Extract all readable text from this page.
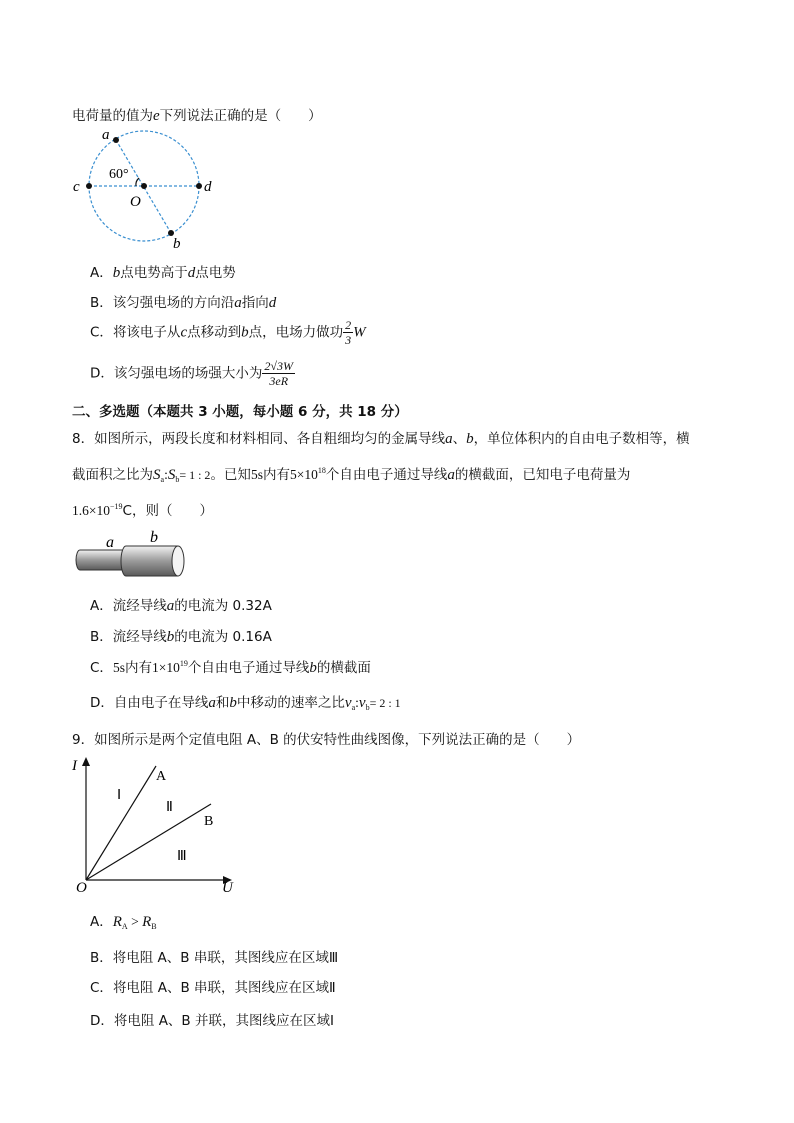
电荷量的值为e下列说法正确的是（　　）
a
b
c	d
O
60°
A．b点电势高于d点电势
B．该匀强电场的方向沿a指向d
C．将该电子从c点移动到b点，电场力做功 $\frac{2}{3}$ W
D．该匀强电场的场强大小为 $\frac{2√3W}{3eR}$
二、多选题（本题共 3 小题，每小题 6 分，共 18 分）
8．如图所示，两段长度和材料相同、各自粗细均匀的金属导线a、b，单位体积内的自由电子数相等，横
截面积之比为$S_a:S_b= 1$ : 2。已知5s内有$5\times 10^{18}$个自由电子通过导线a的横截面，已知电子电荷量为
$1.6\times 10^{-19}C$，则（　　）
a b
A．流经导线a的电流为 0.32A
B．流经导线b的电流为 0.16A
C．5s内有$1\times 10^{19}$个自由电子通过导线b的横截面
D．自由电子在导线a和b中移动的速率之比$v_a:v_b= 2$ : 1
9．如图所示是两个定值电阻 A、B 的伏安特性曲线图像，下列说法正确的是（　　）
I
U
O
A
B
Ⅰ
Ⅱ
Ⅲ
A．$R_A > R_B$
B．将电阻 A、B 串联，其图线应在区域Ⅲ
C．将电阻 A、B 串联，其图线应在区域Ⅱ
D．将电阻 A、B 并联，其图线应在区域Ⅰ
